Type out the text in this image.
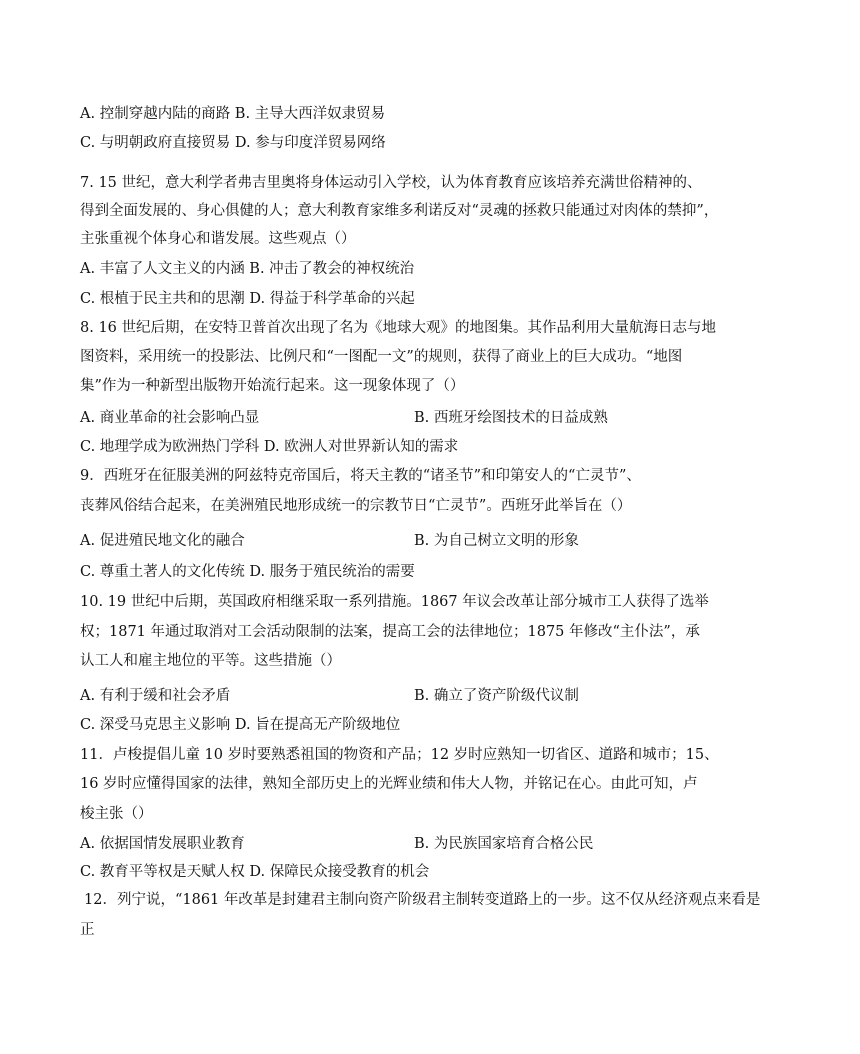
A. 控制穿越内陆的商路 B. 主导大西洋奴隶贸易
C. 与明朝政府直接贸易 D. 参与印度洋贸易网络
7. 15 世纪，意大利学者弗吉里奥将身体运动引入学校，认为体育教育应该培养充满世俗精神的、
得到全面发展的、身心俱健的人；意大利教育家维多利诺反对“灵魂的拯救只能通过对肉体的禁抑”，
主张重视个体身心和谐发展。这些观点（）
A. 丰富了人文主义的内涵 B. 冲击了教会的神权统治
C. 根植于民主共和的思潮 D. 得益于科学革命的兴起
8. 16 世纪后期，在安特卫普首次出现了名为《地球大观》的地图集。其作品利用大量航海日志与地
图资料，采用统一的投影法、比例尺和“一图配一文”的规则，获得了商业上的巨大成功。“地图
集”作为一种新型出版物开始流行起来。这一现象体现了（）
A. 商业革命的社会影响凸显	B. 西班牙绘图技术的日益成熟
C. 地理学成为欧洲热门学科 D. 欧洲人对世界新认知的需求
9．西班牙在征服美洲的阿兹特克帝国后，将天主教的“诸圣节”和印第安人的“亡灵节”、
丧葬风俗结合起来，在美洲殖民地形成统一的宗教节日“亡灵节”。西班牙此举旨在（）
A. 促进殖民地文化的融合	B. 为自己树立文明的形象
C. 尊重土著人的文化传统 D. 服务于殖民统治的需要
10. 19 世纪中后期，英国政府相继采取一系列措施。1867 年议会改革让部分城市工人获得了选举
权；1871 年通过取消对工会活动限制的法案，提高工会的法律地位；1875 年修改“主仆法”，承
认工人和雇主地位的平等。这些措施（）
A. 有利于缓和社会矛盾	B. 确立了资产阶级代议制
C. 深受马克思主义影响 D. 旨在提高无产阶级地位
11．卢梭提倡儿童 10 岁时要熟悉祖国的物资和产品；12 岁时应熟知一切省区、道路和城市；15、
16 岁时应懂得国家的法律，熟知全部历史上的光辉业绩和伟大人物，并铭记在心。由此可知，卢
梭主张（）
A. 依据国情发展职业教育	B. 为民族国家培育合格公民
C. 教育平等权是天赋人权 D. 保障民众接受教育的机会
12．列宁说，“1861 年改革是封建君主制向资产阶级君主制转变道路上的一步。这不仅从经济观点来看是
正
